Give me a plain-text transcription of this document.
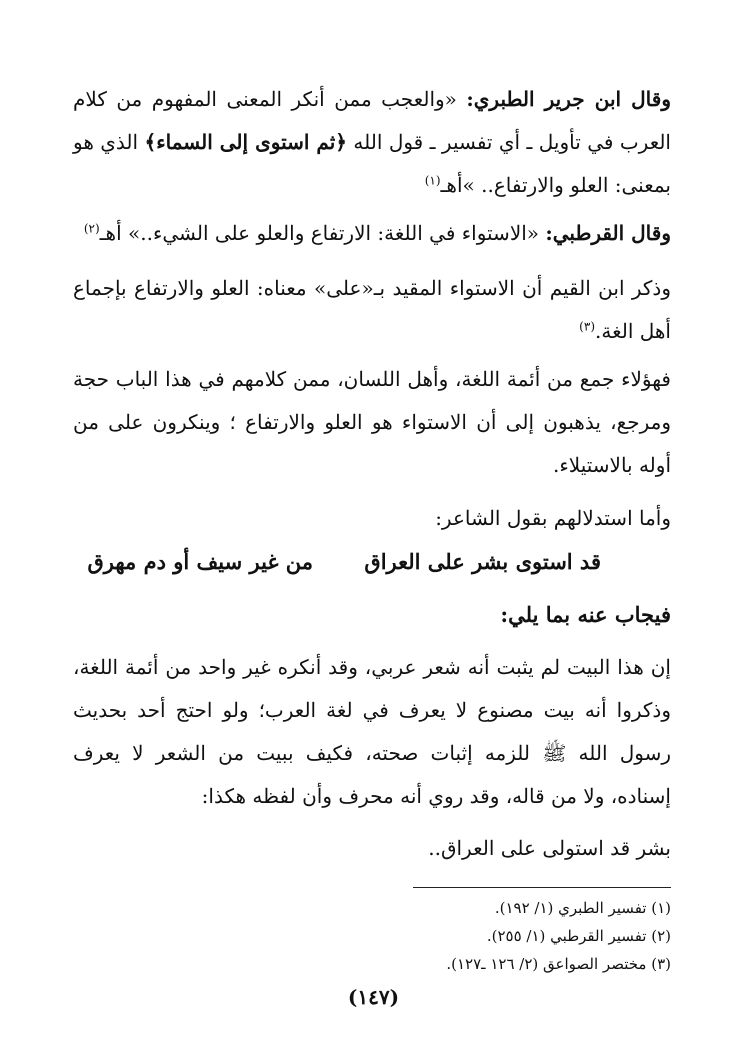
وقال ابن جرير الطبري: «والعجب ممن أنكر المعنى المفهوم من كلام العرب في تأويل ـ أي تفسير ـ قول الله ﴿ثم استوى إلى السماء﴾ الذي هو بمعنى: العلو والارتفاع.. »أهـ$^{(١)}$
وقال القرطبي: «الاستواء في اللغة: الارتفاع والعلو على الشيء..» أهـ$^{(٢)}$
وذكر ابن القيم أن الاستواء المقيد بـ«على» معناه: العلو والارتفاع بإجماع أهل الغة.$^{(٣)}$
فهؤلاء جمع من أئمة اللغة، وأهل اللسان، ممن كلامهم في هذا الباب حجة ومرجع، يذهبون إلى أن الاستواء هو العلو والارتفاع ؛ وينكرون على من أوله بالاستيلاء.
وأما استدلالهم بقول الشاعر:
قد استوى بشر على العراق
من غير سيف أو دم مهرق
فيجاب عنه بما يلي:
إن هذا البيت لم يثبت أنه شعر عربي، وقد أنكره غير واحد من أئمة اللغة، وذكروا أنه بيت مصنوع لا يعرف في لغة العرب؛ ولو احتج أحد بحديث رسول الله ﷺ للزمه إثبات صحته، فكيف ببيت من الشعر لا يعرف إسناده، ولا من قاله، وقد روي أنه محرف وأن لفظه هكذا:
بشر قد استولى على العراق..
(١) تفسير الطبري (١/ ١٩٢).
(٢) تفسير القرطبي (١/ ٢٥٥).
(٣) مختصر الصواعق (٢/ ١٢٦ ـ١٢٧).
(١٤٧)
